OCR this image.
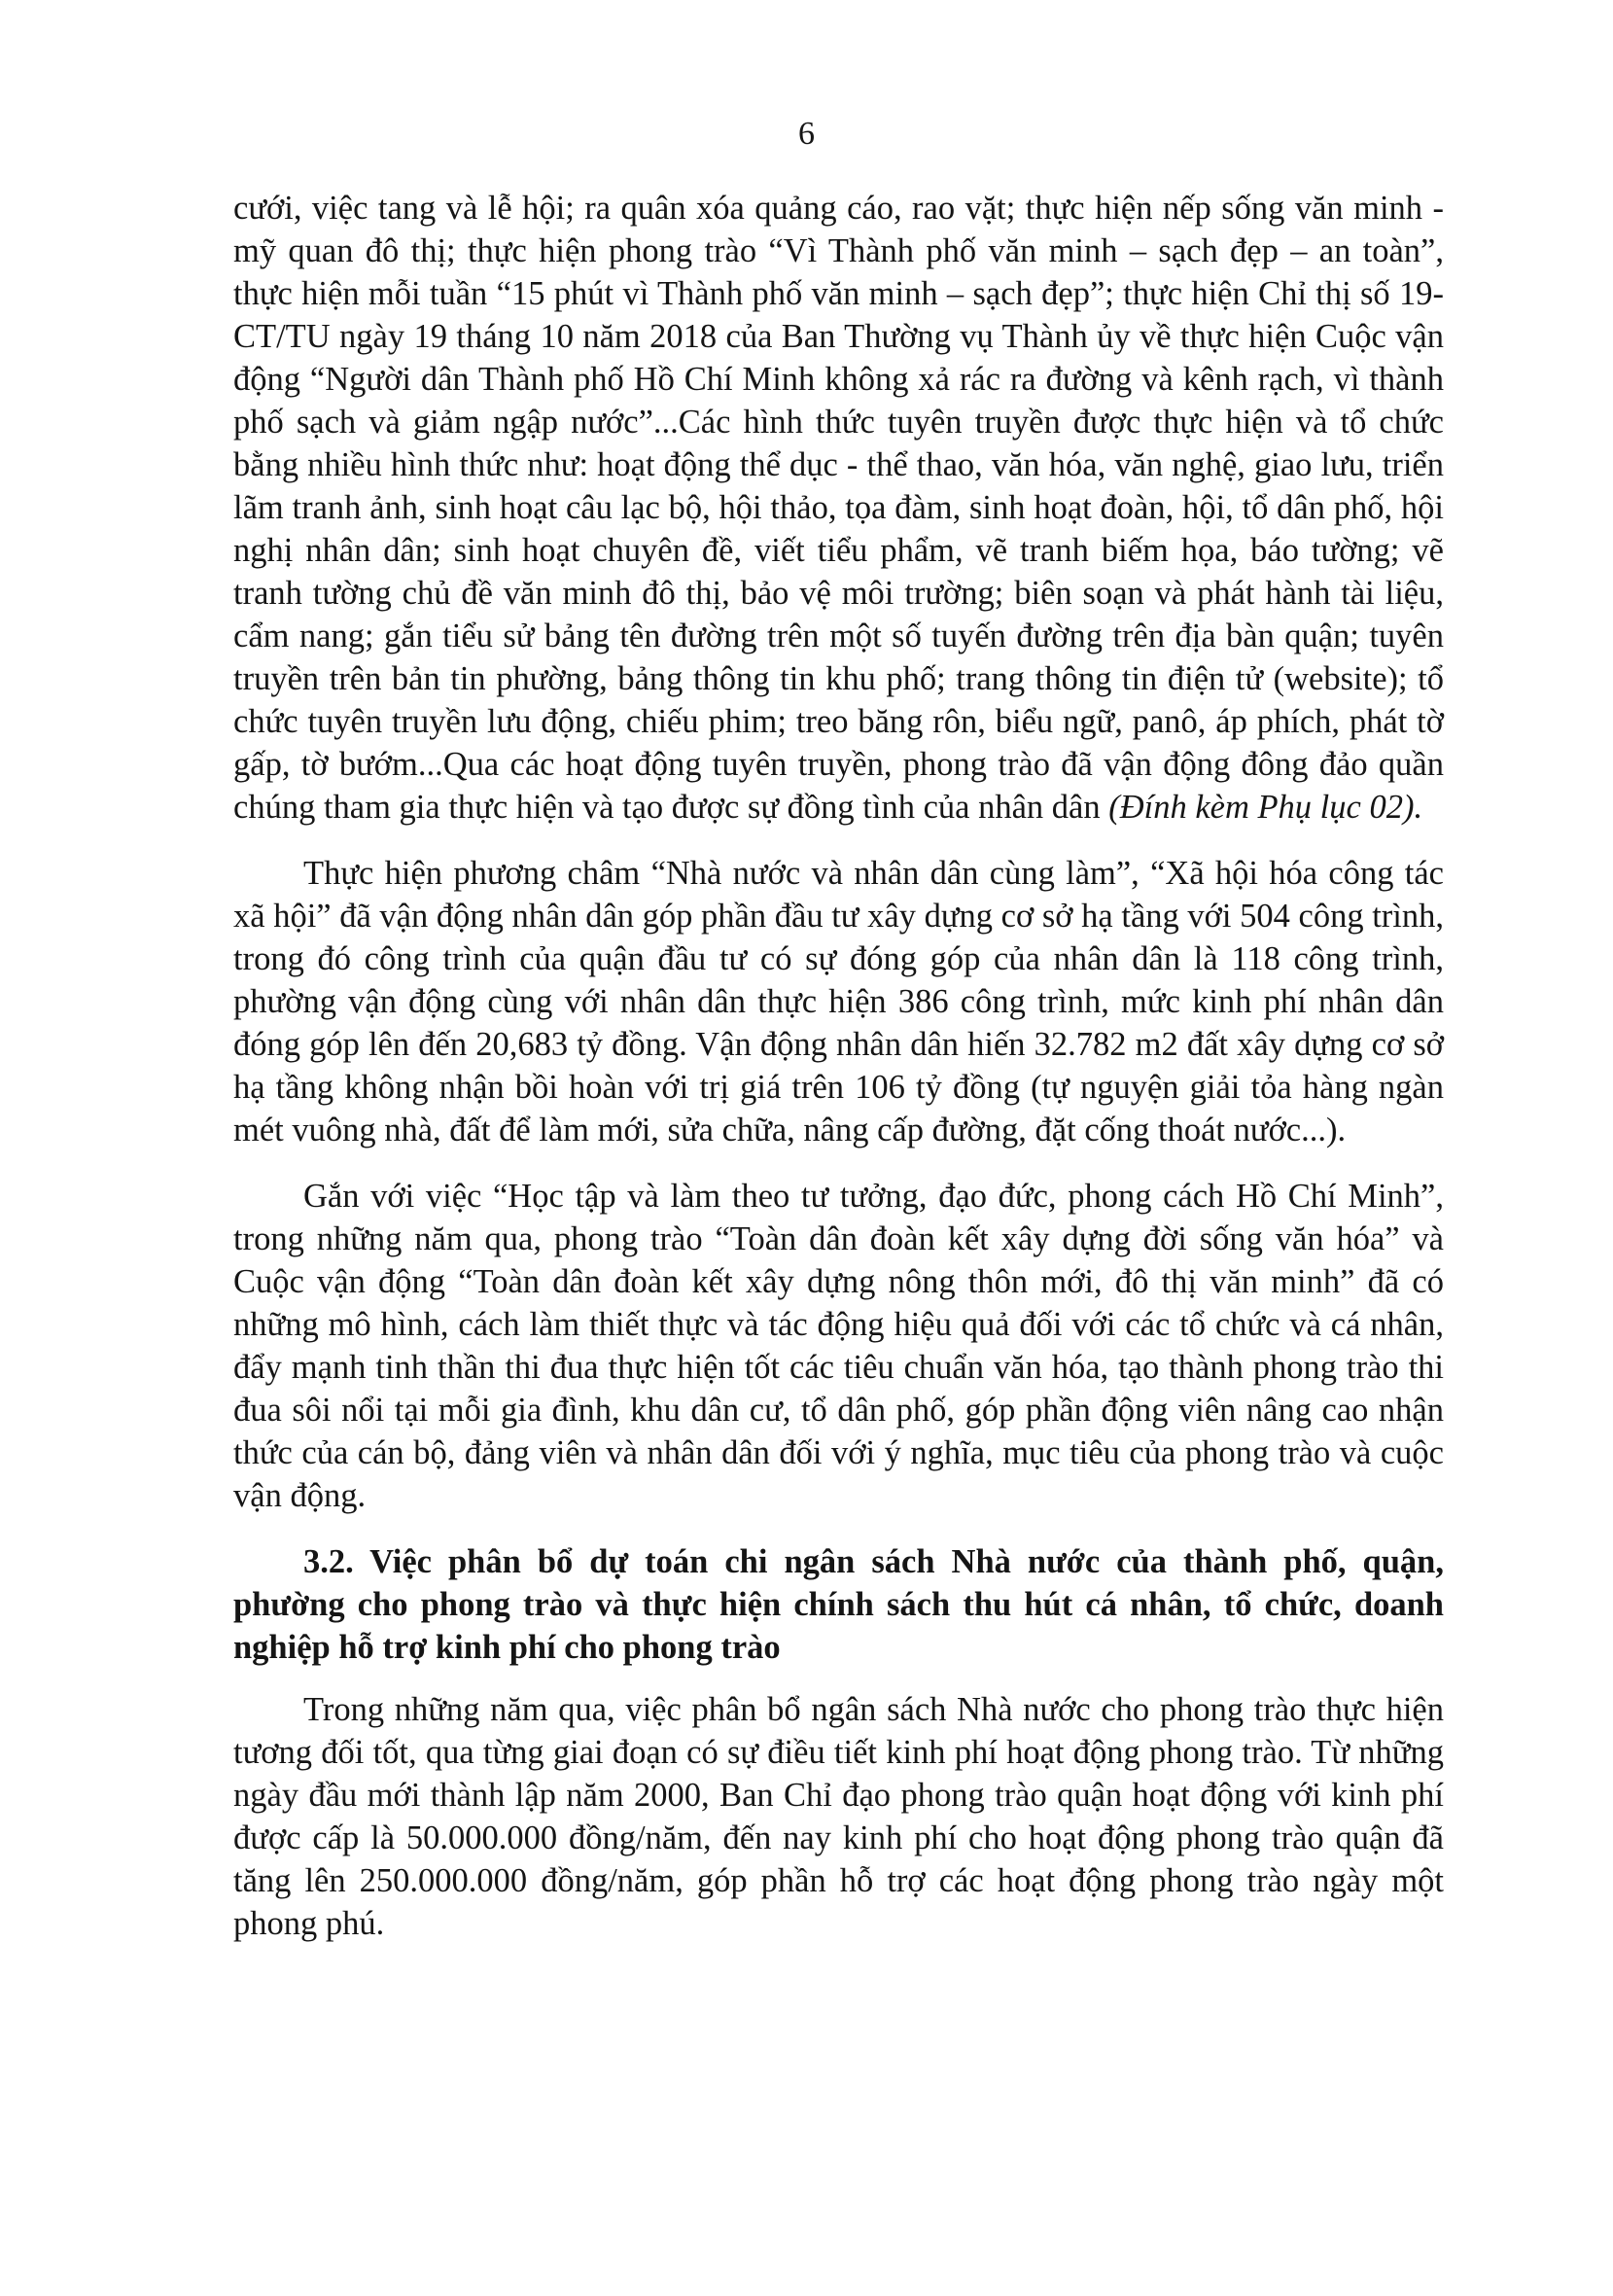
6

cưới, việc tang và lễ hội; ra quân xóa quảng cáo, rao vặt; thực hiện nếp sống văn minh - mỹ quan đô thị; thực hiện phong trào “Vì Thành phố văn minh – sạch đẹp – an toàn”, thực hiện mỗi tuần “15 phút vì Thành phố văn minh – sạch đẹp”; thực hiện Chỉ thị số 19-CT/TU ngày 19 tháng 10 năm 2018 của Ban Thường vụ Thành ủy về thực hiện Cuộc vận động “Người dân Thành phố Hồ Chí Minh không xả rác ra đường và kênh rạch, vì thành phố sạch và giảm ngập nước”...Các hình thức tuyên truyền được thực hiện và tổ chức bằng nhiều hình thức như: hoạt động thể dục - thể thao, văn hóa, văn nghệ, giao lưu, triển lãm tranh ảnh, sinh hoạt câu lạc bộ, hội thảo, tọa đàm, sinh hoạt đoàn, hội, tổ dân phố, hội nghị nhân dân; sinh hoạt chuyên đề, viết tiểu phẩm, vẽ tranh biếm họa, báo tường; vẽ tranh tường chủ đề văn minh đô thị, bảo vệ môi trường; biên soạn và phát hành tài liệu, cẩm nang; gắn tiểu sử bảng tên đường trên một số tuyến đường trên địa bàn quận; tuyên truyền trên bản tin phường, bảng thông tin khu phố; trang thông tin điện tử (website); tổ chức tuyên truyền lưu động, chiếu phim; treo băng rôn, biểu ngữ, panô, áp phích, phát tờ gấp, tờ bướm...Qua các hoạt động tuyên truyền, phong trào đã vận động đông đảo quần chúng tham gia thực hiện và tạo được sự đồng tình của nhân dân (Đính kèm Phụ lục 02).

Thực hiện phương châm “Nhà nước và nhân dân cùng làm”, “Xã hội hóa công tác xã hội” đã vận động nhân dân góp phần đầu tư xây dựng cơ sở hạ tầng với 504 công trình, trong đó công trình của quận đầu tư có sự đóng góp của nhân dân là 118 công trình, phường vận động cùng với nhân dân thực hiện 386 công trình, mức kinh phí nhân dân đóng góp lên đến 20,683 tỷ đồng. Vận động nhân dân hiến 32.782 m2 đất xây dựng cơ sở hạ tầng không nhận bồi hoàn với trị giá trên 106 tỷ đồng (tự nguyện giải tỏa hàng ngàn mét vuông nhà, đất để làm mới, sửa chữa, nâng cấp đường, đặt cống thoát nước...).

Gắn với việc “Học tập và làm theo tư tưởng, đạo đức, phong cách Hồ Chí Minh”, trong những năm qua, phong trào “Toàn dân đoàn kết xây dựng đời sống văn hóa” và Cuộc vận động “Toàn dân đoàn kết xây dựng nông thôn mới, đô thị văn minh” đã có những mô hình, cách làm thiết thực và tác động hiệu quả đối với các tổ chức và cá nhân, đẩy mạnh tinh thần thi đua thực hiện tốt các tiêu chuẩn văn hóa, tạo thành phong trào thi đua sôi nổi tại mỗi gia đình, khu dân cư, tổ dân phố, góp phần động viên nâng cao nhận thức của cán bộ, đảng viên và nhân dân đối với ý nghĩa, mục tiêu của phong trào và cuộc vận động.

3.2. Việc phân bổ dự toán chi ngân sách Nhà nước của thành phố, quận, phường cho phong trào và thực hiện chính sách thu hút cá nhân, tổ chức, doanh nghiệp hỗ trợ kinh phí cho phong trào

Trong những năm qua, việc phân bổ ngân sách Nhà nước cho phong trào thực hiện tương đối tốt, qua từng giai đoạn có sự điều tiết kinh phí hoạt động phong trào. Từ những ngày đầu mới thành lập năm 2000, Ban Chỉ đạo phong trào quận hoạt động với kinh phí được cấp là 50.000.000 đồng/năm, đến nay kinh phí cho hoạt động phong trào quận đã tăng lên 250.000.000 đồng/năm, góp phần hỗ trợ các hoạt động phong trào ngày một phong phú.
